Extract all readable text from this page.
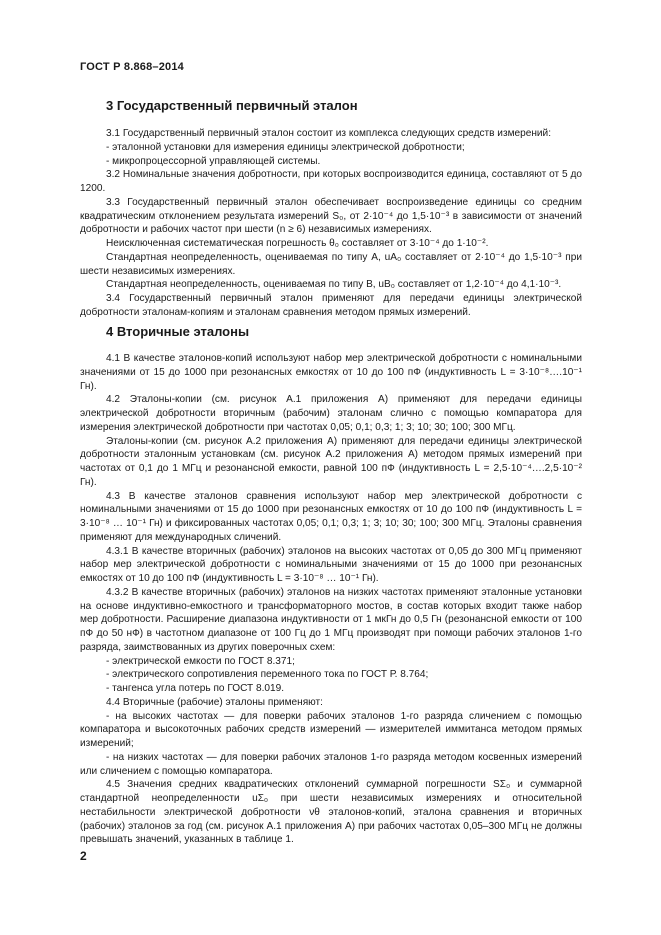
ГОСТ Р 8.868–2014
3 Государственный первичный эталон

3.1 Государственный первичный эталон состоит из комплекса следующих средств измерений:

- эталонной установки для измерения единицы электрической добротности;

- микропроцессорной управляющей системы.

3.2 Номинальные значения добротности, при которых воспроизводится единица, составляют от 5 до 1200.

3.3 Государственный первичный эталон обеспечивает воспроизведение единицы со средним квадратическим отклонением результата измерений S₀, от 2·10⁻⁴ до 1,5·10⁻³ в зависимости от значений добротности и рабочих частот при шести (n ≥ 6) независимых измерениях.

Неисключенная систематическая погрешность θ₀ составляет от 3·10⁻⁴ до 1·10⁻².

Стандартная неопределенность, оцениваемая по типу А, uA₀ составляет от 2·10⁻⁴ до 1,5·10⁻³ при шести независимых измерениях.

Стандартная неопределенность, оцениваемая по типу В, uB₀ составляет от 1,2·10⁻⁴ до 4,1·10⁻³.

3.4 Государственный первичный эталон применяют для передачи единицы электрической добротности эталонам-копиям и эталонам сравнения методом прямых измерений.

4 Вторичные эталоны

4.1 В качестве эталонов-копий используют набор мер электрической добротности с номинальными значениями от 15 до 1000 при резонансных емкостях от 10 до 100 пФ (индуктивность L = 3·10⁻⁸….10⁻¹ Гн).

4.2 Эталоны-копии (см. рисунок А.1 приложения А) применяют для передачи единицы электрической добротности вторичным (рабочим) эталонам слично с помощью компаратора для измерения электрической добротности при частотах 0,05; 0,1; 0,3; 1; 3; 10; 30; 100; 300 МГц.

Эталоны-копии (см. рисунок А.2 приложения А) применяют для передачи единицы электрической добротности эталонным установкам (см. рисунок А.2 приложения А) методом прямых измерений при частотах от 0,1 до 1 МГц и резонансной емкости, равной 100 пФ (индуктивность L = 2,5·10⁻⁴….2,5·10⁻² Гн).

4.3 В качестве эталонов сравнения используют набор мер электрической добротности с номинальными значениями от 15 до 1000 при резонансных емкостях от 10 до 100 пФ (индуктивность L = 3·10⁻⁸ … 10⁻¹ Гн) и фиксированных частотах 0,05; 0,1; 0,3; 1; 3; 10; 30; 100; 300 МГц. Эталоны сравнения применяют для международных сличений.

4.3.1 В качестве вторичных (рабочих) эталонов на высоких частотах от 0,05 до 300 МГц применяют набор мер электрической добротности с номинальными значениями от 15 до 1000 при резонансных емкостях от 10 до 100 пФ (индуктивность L = 3·10⁻⁸ … 10⁻¹ Гн).

4.3.2 В качестве вторичных (рабочих) эталонов на низких частотах применяют эталонные установки на основе индуктивно-емкостного и трансформаторного мостов, в состав которых входит также набор мер добротности. Расширение диапазона индуктивности от 1 мкГн до 0,5 Гн (резонансной емкости от 100 пФ до 50 нФ) в частотном диапазоне от 100 Гц до 1 МГц производят при помощи рабочих эталонов 1-го разряда, заимствованных из других поверочных схем:

- электрической емкости по ГОСТ 8.371;

- электрического сопротивления переменного тока по ГОСТ Р. 8.764;

- тангенса угла потерь по ГОСТ 8.019.

4.4 Вторичные (рабочие) эталоны применяют:

- на высоких частотах — для поверки рабочих эталонов 1-го разряда сличением с помощью компаратора и высокоточных рабочих средств измерений — измерителей иммитанса методом прямых измерений;

- на низких частотах — для поверки рабочих эталонов 1-го разряда методом косвенных измерений или сличением с помощью компаратора.

4.5 Значения средних квадратических отклонений суммарной погрешности SΣ₀ и суммарной стандартной неопределенности uΣ₀ при шести независимых измерениях и относительной нестабильности электрической добротности νθ эталонов-копий, эталона сравнения и вторичных (рабочих) эталонов за год (см. рисунок А.1 приложения А) при рабочих частотах 0,05–300 МГц не должны превышать значений, указанных в таблице 1.

2
